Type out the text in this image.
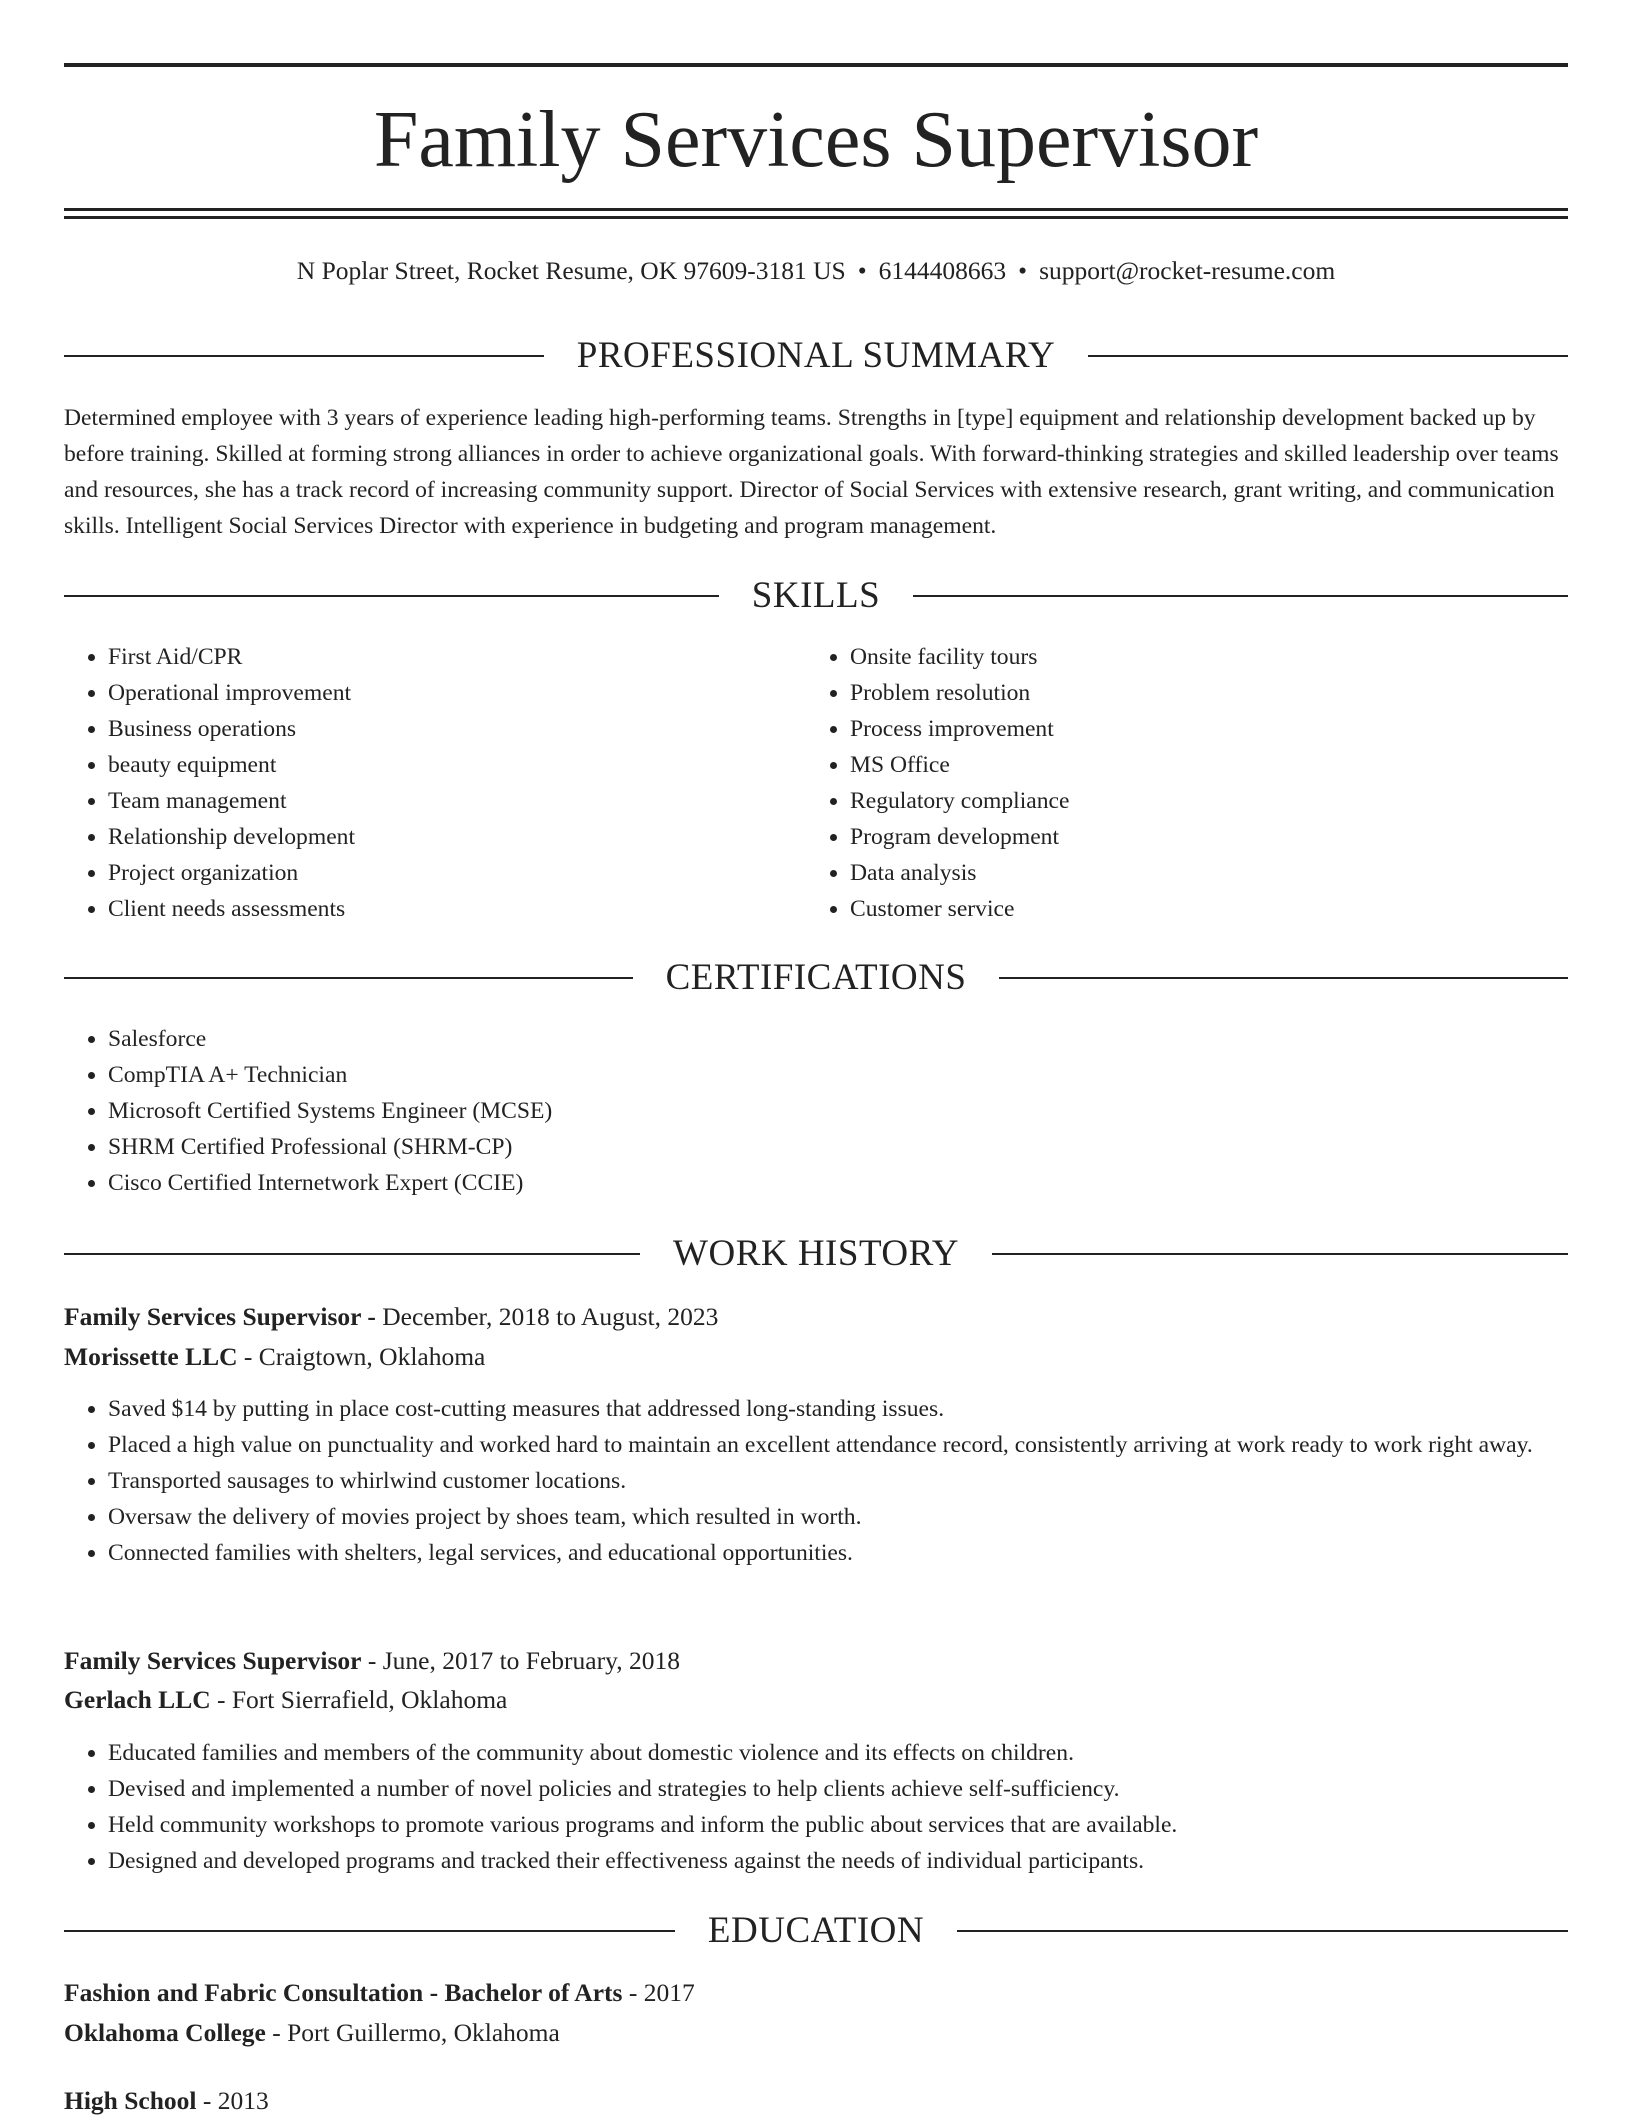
Family Services Supervisor
N Poplar Street, Rocket Resume, OK 97609-3181 US • 6144408663 • support@rocket-resume.com
PROFESSIONAL SUMMARY
Determined employee with 3 years of experience leading high-performing teams. Strengths in [type] equipment and relationship development backed up by before training. Skilled at forming strong alliances in order to achieve organizational goals. With forward-thinking strategies and skilled leadership over teams and resources, she has a track record of increasing community support. Director of Social Services with extensive research, grant writing, and communication skills. Intelligent Social Services Director with experience in budgeting and program management.
SKILLS
• First Aid/CPR
• Operational improvement
• Business operations
• beauty equipment
• Team management
• Relationship development
• Project organization
• Client needs assessments
• Onsite facility tours
• Problem resolution
• Process improvement
• MS Office
• Regulatory compliance
• Program development
• Data analysis
• Customer service
CERTIFICATIONS
• Salesforce
• CompTIA A+ Technician
• Microsoft Certified Systems Engineer (MCSE)
• SHRM Certified Professional (SHRM-CP)
• Cisco Certified Internetwork Expert (CCIE)
WORK HISTORY
Family Services Supervisor - December, 2018 to August, 2023
Morissette LLC - Craigtown, Oklahoma
• Saved $14 by putting in place cost-cutting measures that addressed long-standing issues.
• Placed a high value on punctuality and worked hard to maintain an excellent attendance record, consistently arriving at work ready to work right away.
• Transported sausages to whirlwind customer locations.
• Oversaw the delivery of movies project by shoes team, which resulted in worth.
• Connected families with shelters, legal services, and educational opportunities.
Family Services Supervisor - June, 2017 to February, 2018
Gerlach LLC - Fort Sierrafield, Oklahoma
• Educated families and members of the community about domestic violence and its effects on children.
• Devised and implemented a number of novel policies and strategies to help clients achieve self-sufficiency.
• Held community workshops to promote various programs and inform the public about services that are available.
• Designed and developed programs and tracked their effectiveness against the needs of individual participants.
EDUCATION
Fashion and Fabric Consultation - Bachelor of Arts - 2017
Oklahoma College - Port Guillermo, Oklahoma
High School - 2013
